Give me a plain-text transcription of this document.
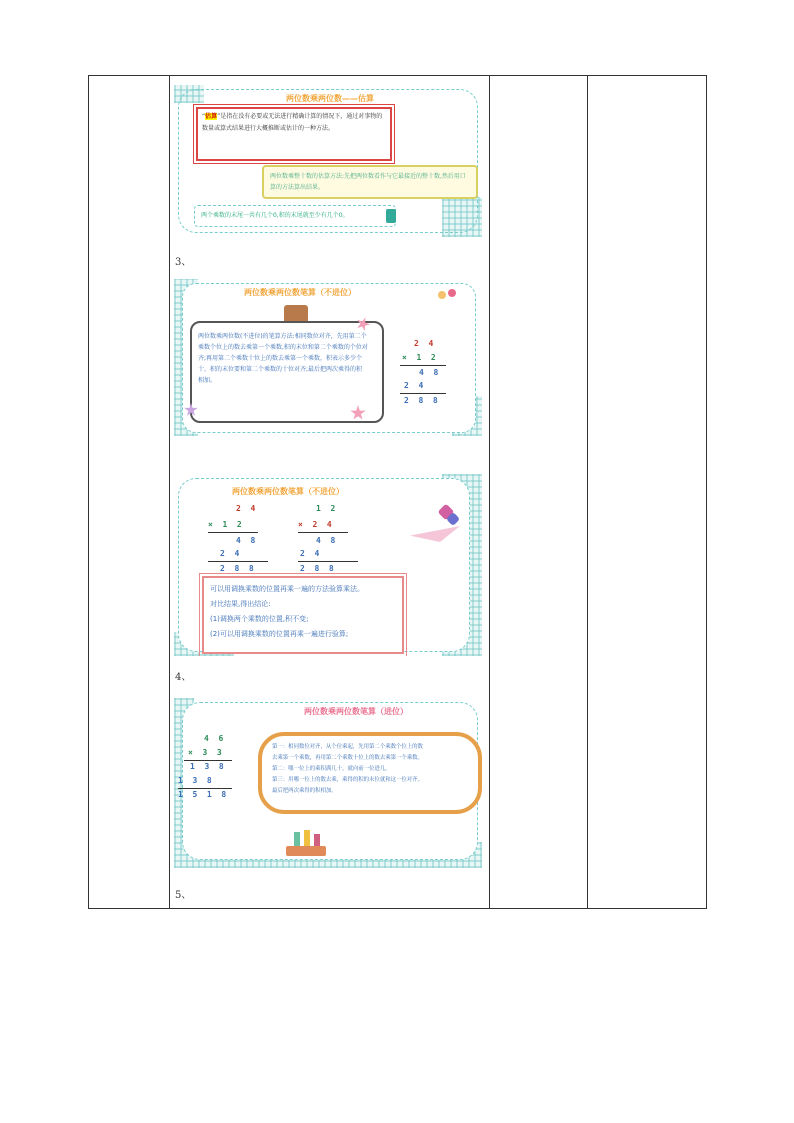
两位数乘两位数——估算
“估算”是指在没有必要或无法进行精确计算的情况下，通过对事物的数量或算式结果进行大概推断或估计的一种方法。
两位数乘整十数的估算方法:先把两位数看作与它最接近的整十数,然后用口算的方法算出结果。
两个乘数的末尾一共有几个0,积的末尾就至少有几个0。
3、
两位数乘两位数笔算（不进位）
两位数乘两位数(不进位)的笔算方法:相同数位对齐，先用第二个乘数个位上的数去乘第一个乘数,积的末位和第二个乘数的个位对齐;再用第二个乘数十位上的数去乘第一个乘数，积表示多少个十，积的末位要和第二个乘数的十位对齐;最后把两次乘得的积相加。
2  4
×  1  2
4  8
2  4
2  8  8
两位数乘两位数笔算（不进位）
2  4
×  1  2
4  8
2  4
2  8  8
1  2
×  2  4
4  8
2  4
2  8  8
可以用调换乘数的位置再乘一遍的方法验算乘法。
对比结果,得出结论:
(1)调换两个乘数的位置,积不变;
(2)可以用调换乘数的位置再乘一遍进行验算;
4、
两位数乘两位数笔算（进位）
4  6
×  3  3
1  3  8
1  3  8
1  5  1  8
第一：相同数位对齐，从个位乘起，先用第二个乘数个位上的数
去乘第一个乘数，再用第二个乘数十位上的数去乘第一个乘数。
第二：哪一位上的乘积满几十，就向前一位进几。
第三：用哪一位上的数去乘，乘得的积的末位就和这一位对齐。
最后把两次乘得的积相加。
5、
